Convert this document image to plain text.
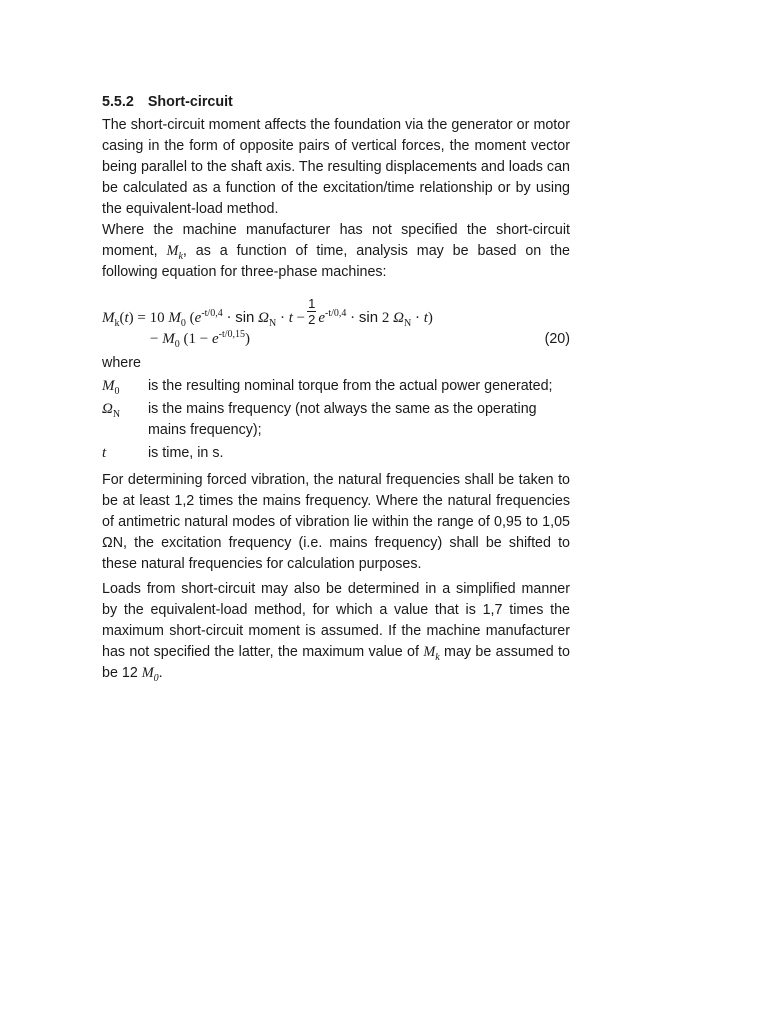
5.5.2 Short-circuit

The short-circuit moment affects the foundation via the generator or motor casing in the form of opposite pairs of vertical forces, the moment vector being parallel to the shaft axis. The resulting displacements and loads can be calculated as a function of the excitation/time relationship or by using the equivalent-load method.

Where the machine manufacturer has not specified the short-circuit moment, $M_k$, as a function of time, analysis may be based on the following equation for three-phase machines:

$M_k(t) = 10$ $M_0$ ($e^{-t/0,4} \cdot \sin \Omega_N \cdot t - \frac{1}{2} e^{-t/0,4} \cdot \sin 2$ $\Omega_N \cdot t$)
− $M_0$ $(1 - e^{-t/0,15})$	(20)

where

$M_0$	is the resulting nominal torque from the actual power generated;
$\Omega_N$	is the mains frequency (not always the same as the operating mains frequency);
t	is time, in s.

For determining forced vibration, the natural frequencies shall be taken to be at least 1,2 times the mains frequency. Where the natural frequencies of antimetric natural modes of vibration lie within the range of 0,95 to 1,05 ΩN, the excitation frequency (i.e. mains frequency) shall be shifted to these natural frequencies for calculation purposes.

Loads from short-circuit may also be determined in a simplified manner by the equivalent-load method, for which a value that is 1,7 times the maximum short-circuit moment is assumed. If the machine manufacturer has not specified the latter, the maximum value of $M_k$ may be assumed to be 12 $M_0$.
